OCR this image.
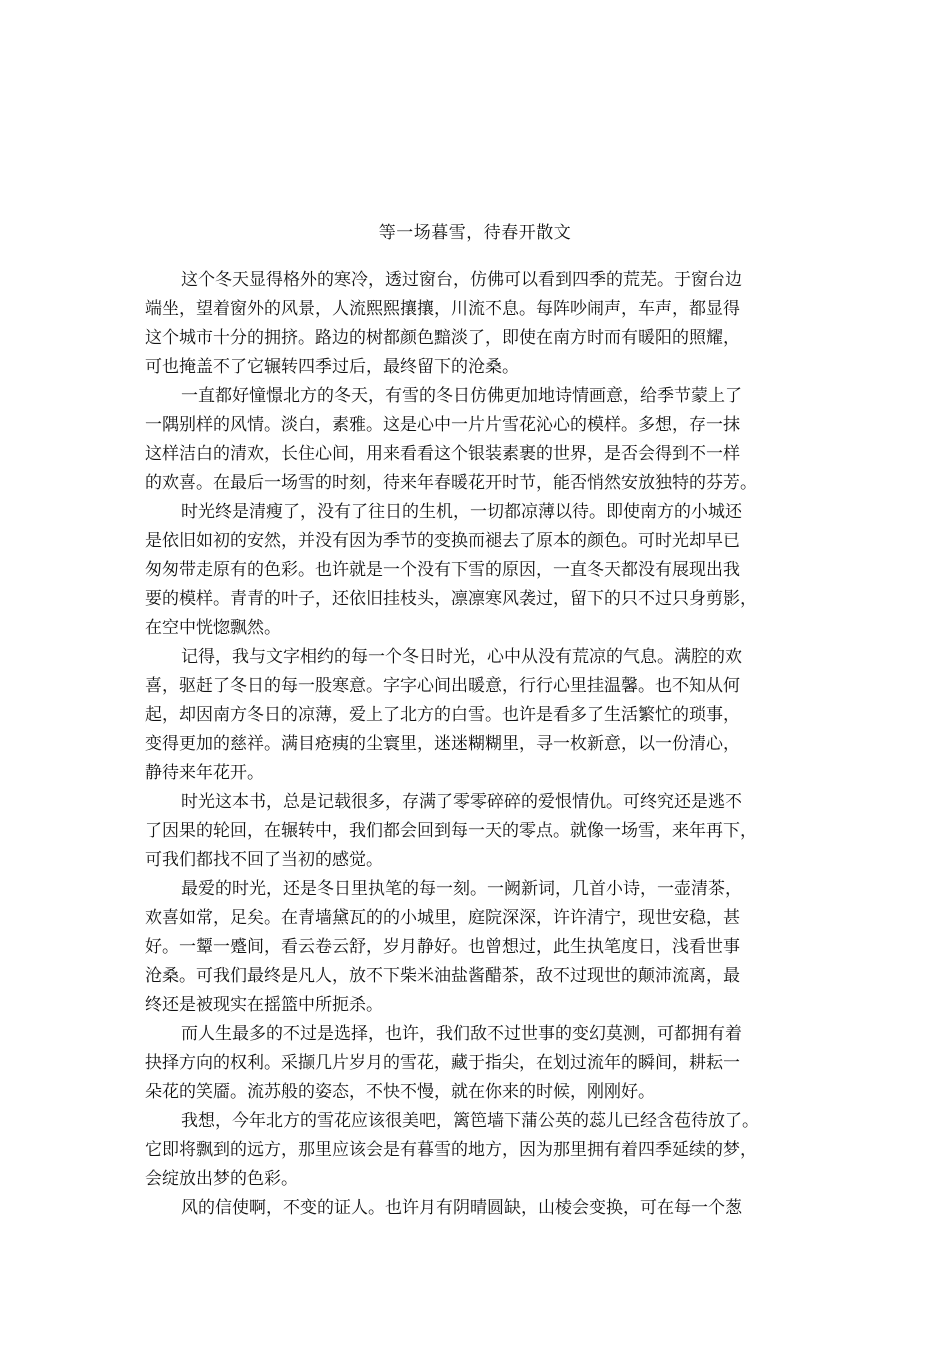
等一场暮雪，待春开散文
这个冬天显得格外的寒冷，透过窗台，仿佛可以看到四季的荒芜。于窗台边
端坐，望着窗外的风景，人流熙熙攘攘，川流不息。每阵吵闹声，车声，都显得
这个城市十分的拥挤。路边的树都颜色黯淡了，即使在南方时而有暖阳的照耀，
可也掩盖不了它辗转四季过后，最终留下的沧桑。
一直都好憧憬北方的冬天，有雪的冬日仿佛更加地诗情画意，给季节蒙上了
一隅别样的风情。淡白，素雅。这是心中一片片雪花沁心的模样。多想，存一抹
这样洁白的清欢，长住心间，用来看看这个银装素裹的世界，是否会得到不一样
的欢喜。在最后一场雪的时刻，待来年春暖花开时节，能否悄然安放独特的芬芳。
时光终是清瘦了，没有了往日的生机，一切都凉薄以待。即使南方的小城还
是依旧如初的安然，并没有因为季节的变换而褪去了原本的颜色。可时光却早已
匆匆带走原有的色彩。也许就是一个没有下雪的原因，一直冬天都没有展现出我
要的模样。青青的叶子，还依旧挂枝头，凛凛寒风袭过，留下的只不过只身剪影，
在空中恍惚飘然。
记得，我与文字相约的每一个冬日时光，心中从没有荒凉的气息。满腔的欢
喜，驱赶了冬日的每一股寒意。字字心间出暖意，行行心里挂温馨。也不知从何
起，却因南方冬日的凉薄，爱上了北方的白雪。也许是看多了生活繁忙的琐事，
变得更加的慈祥。满目疮痍的尘寰里，迷迷糊糊里，寻一枚新意，以一份清心，
静待来年花开。
时光这本书，总是记载很多，存满了零零碎碎的爱恨情仇。可终究还是逃不
了因果的轮回，在辗转中，我们都会回到每一天的零点。就像一场雪，来年再下，
可我们都找不回了当初的感觉。
最爱的时光，还是冬日里执笔的每一刻。一阙新词，几首小诗，一壶清茶，
欢喜如常，足矣。在青墙黛瓦的的小城里，庭院深深，许许清宁，现世安稳，甚
好。一颦一蹙间，看云卷云舒，岁月静好。也曾想过，此生执笔度日，浅看世事
沧桑。可我们最终是凡人，放不下柴米油盐酱醋茶，敌不过现世的颠沛流离，最
终还是被现实在摇篮中所扼杀。
而人生最多的不过是选择，也许，我们敌不过世事的变幻莫测，可都拥有着
抉择方向的权利。采撷几片岁月的雪花，藏于指尖，在划过流年的瞬间，耕耘一
朵花的笑靥。流苏般的姿态，不快不慢，就在你来的时候，刚刚好。
我想，今年北方的雪花应该很美吧，篱笆墙下蒲公英的蕊儿已经含苞待放了。
它即将飘到的远方，那里应该会是有暮雪的地方，因为那里拥有着四季延续的梦，
会绽放出梦的色彩。
风的信使啊，不变的证人。也许月有阴晴圆缺，山棱会变换，可在每一个葱
